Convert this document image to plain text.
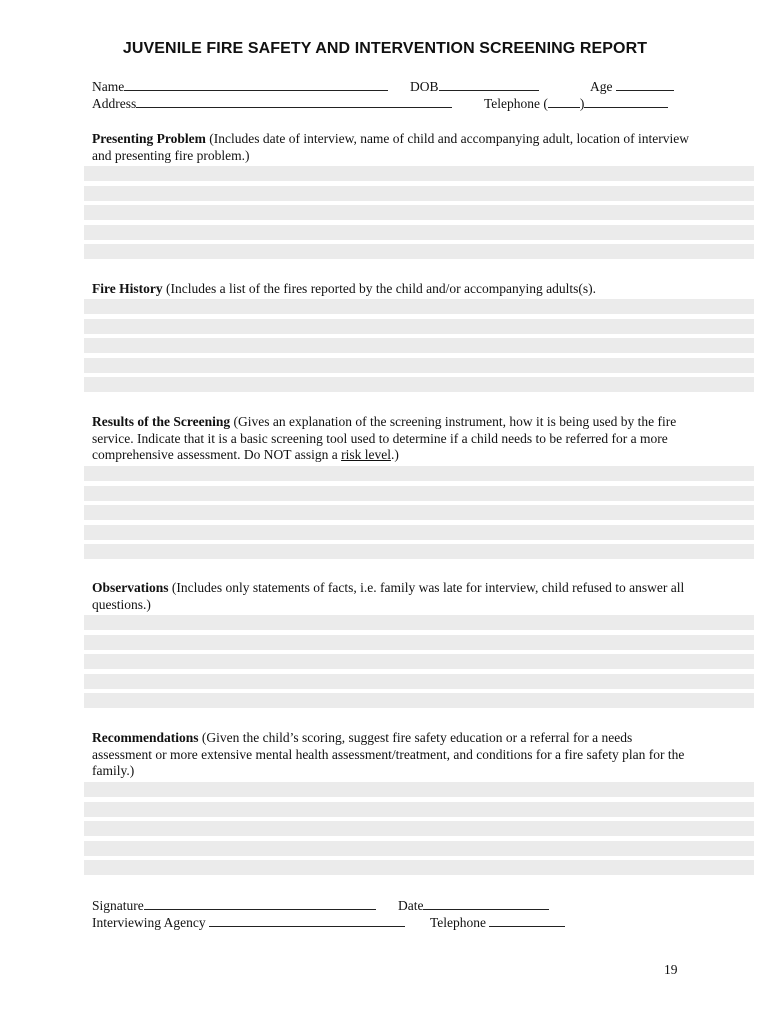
JUVENILE FIRE SAFETY AND INTERVENTION SCREENING REPORT
Name	DOB	Age
Address	Telephone ( )
Presenting Problem (Includes date of interview, name of child and accompanying adult, location of interview and presenting fire problem.)
Fire History (Includes a list of the fires reported by the child and/or accompanying adults(s).
Results of the Screening (Gives an explanation of the screening instrument, how it is being used by the fire service. Indicate that it is a basic screening tool used to determine if a child needs to be referred for a more comprehensive assessment. Do NOT assign a risk level.)
Observations (Includes only statements of facts, i.e. family was late for interview, child refused to answer all questions.)
Recommendations (Given the child’s scoring, suggest fire safety education or a referral for a needs assessment or more extensive mental health assessment/treatment, and conditions for a fire safety plan for the family.)
Signature	Date
Interviewing Agency	Telephone
19
